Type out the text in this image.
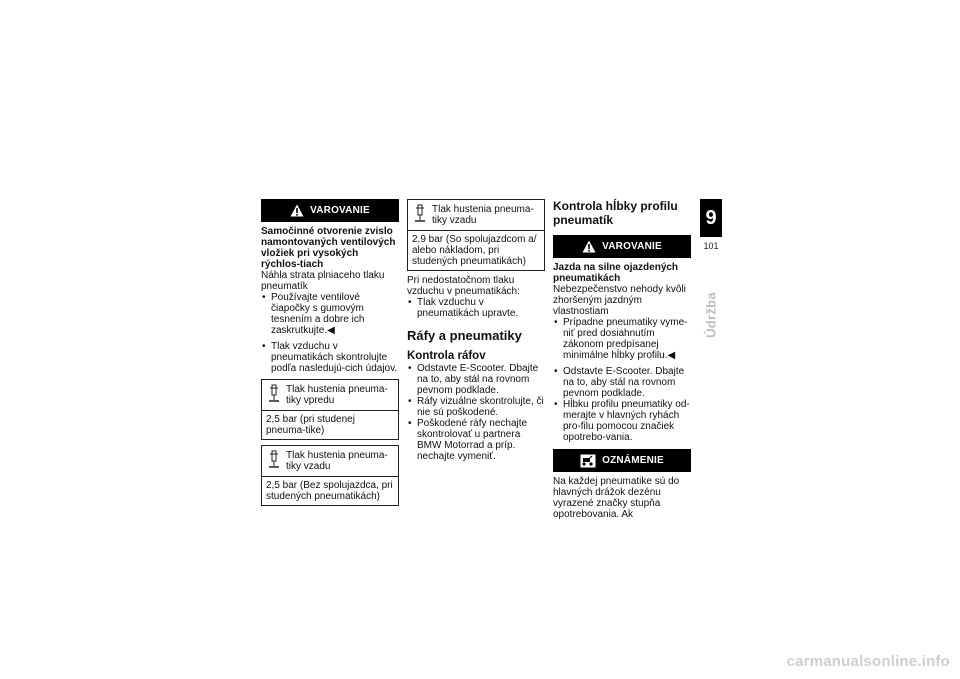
VAROVANIE
Samočinné otvorenie zvislo namontovaných ventilových vložiek pri vysokých rýchlos-tiach
Náhla strata plniaceho tlaku pneumatík
• Používajte ventilové čiapočky s gumovým tesnením a dobre ich zaskrutkujte.◀
• Tlak vzduchu v pneumatikách skontrolujte podľa nasledujú-cich údajov.
Tlak hustenia pneuma-tiky vpredu
2,5 bar (pri studenej pneuma-tike)
Tlak hustenia pneuma-tiky vzadu
2,5 bar (Bez spolujazdca, pri studených pneumatikách)
Tlak hustenia pneuma-tiky vzadu
2,9 bar (So spolujazdcom a/ alebo nákladom, pri studených pneumatikách)
Pri nedostatočnom tlaku vzduchu v pneumatikách:
• Tlak vzduchu v pneumatikách upravte.
Ráfy a pneumatiky
Kontrola ráfov
• Odstavte E-Scooter. Dbajte na to, aby stál na rovnom pevnom podklade.
• Ráfy vizuálne skontrolujte, či nie sú poškodené.
• Poškodené ráfy nechajte skontrolovať u partnera BMW Motorrad a príp. nechajte vymeniť.
Kontrola hĺbky profilu pneumatík
VAROVANIE
Jazda na silne ojazdených pneumatikách
Nebezpečenstvo nehody kvôli zhoršeným jazdným vlastnostiam
• Prípadne pneumatiky vyme-niť pred dosiahnutím zákonom predpísanej minimálne hĺbky profilu.◀
• Odstavte E-Scooter. Dbajte na to, aby stál na rovnom pevnom podklade.
• Hĺbku profilu pneumatiky od-merajte v hlavných ryhách pro-filu pomocou značiek opotrebo-vania.
OZNÁMENIE
Na každej pneumatike sú do hlavných drážok dezénu vyrazené značky stupňa opotrebovania. Ak
9
101
Údržba
carmanualsonline.info
